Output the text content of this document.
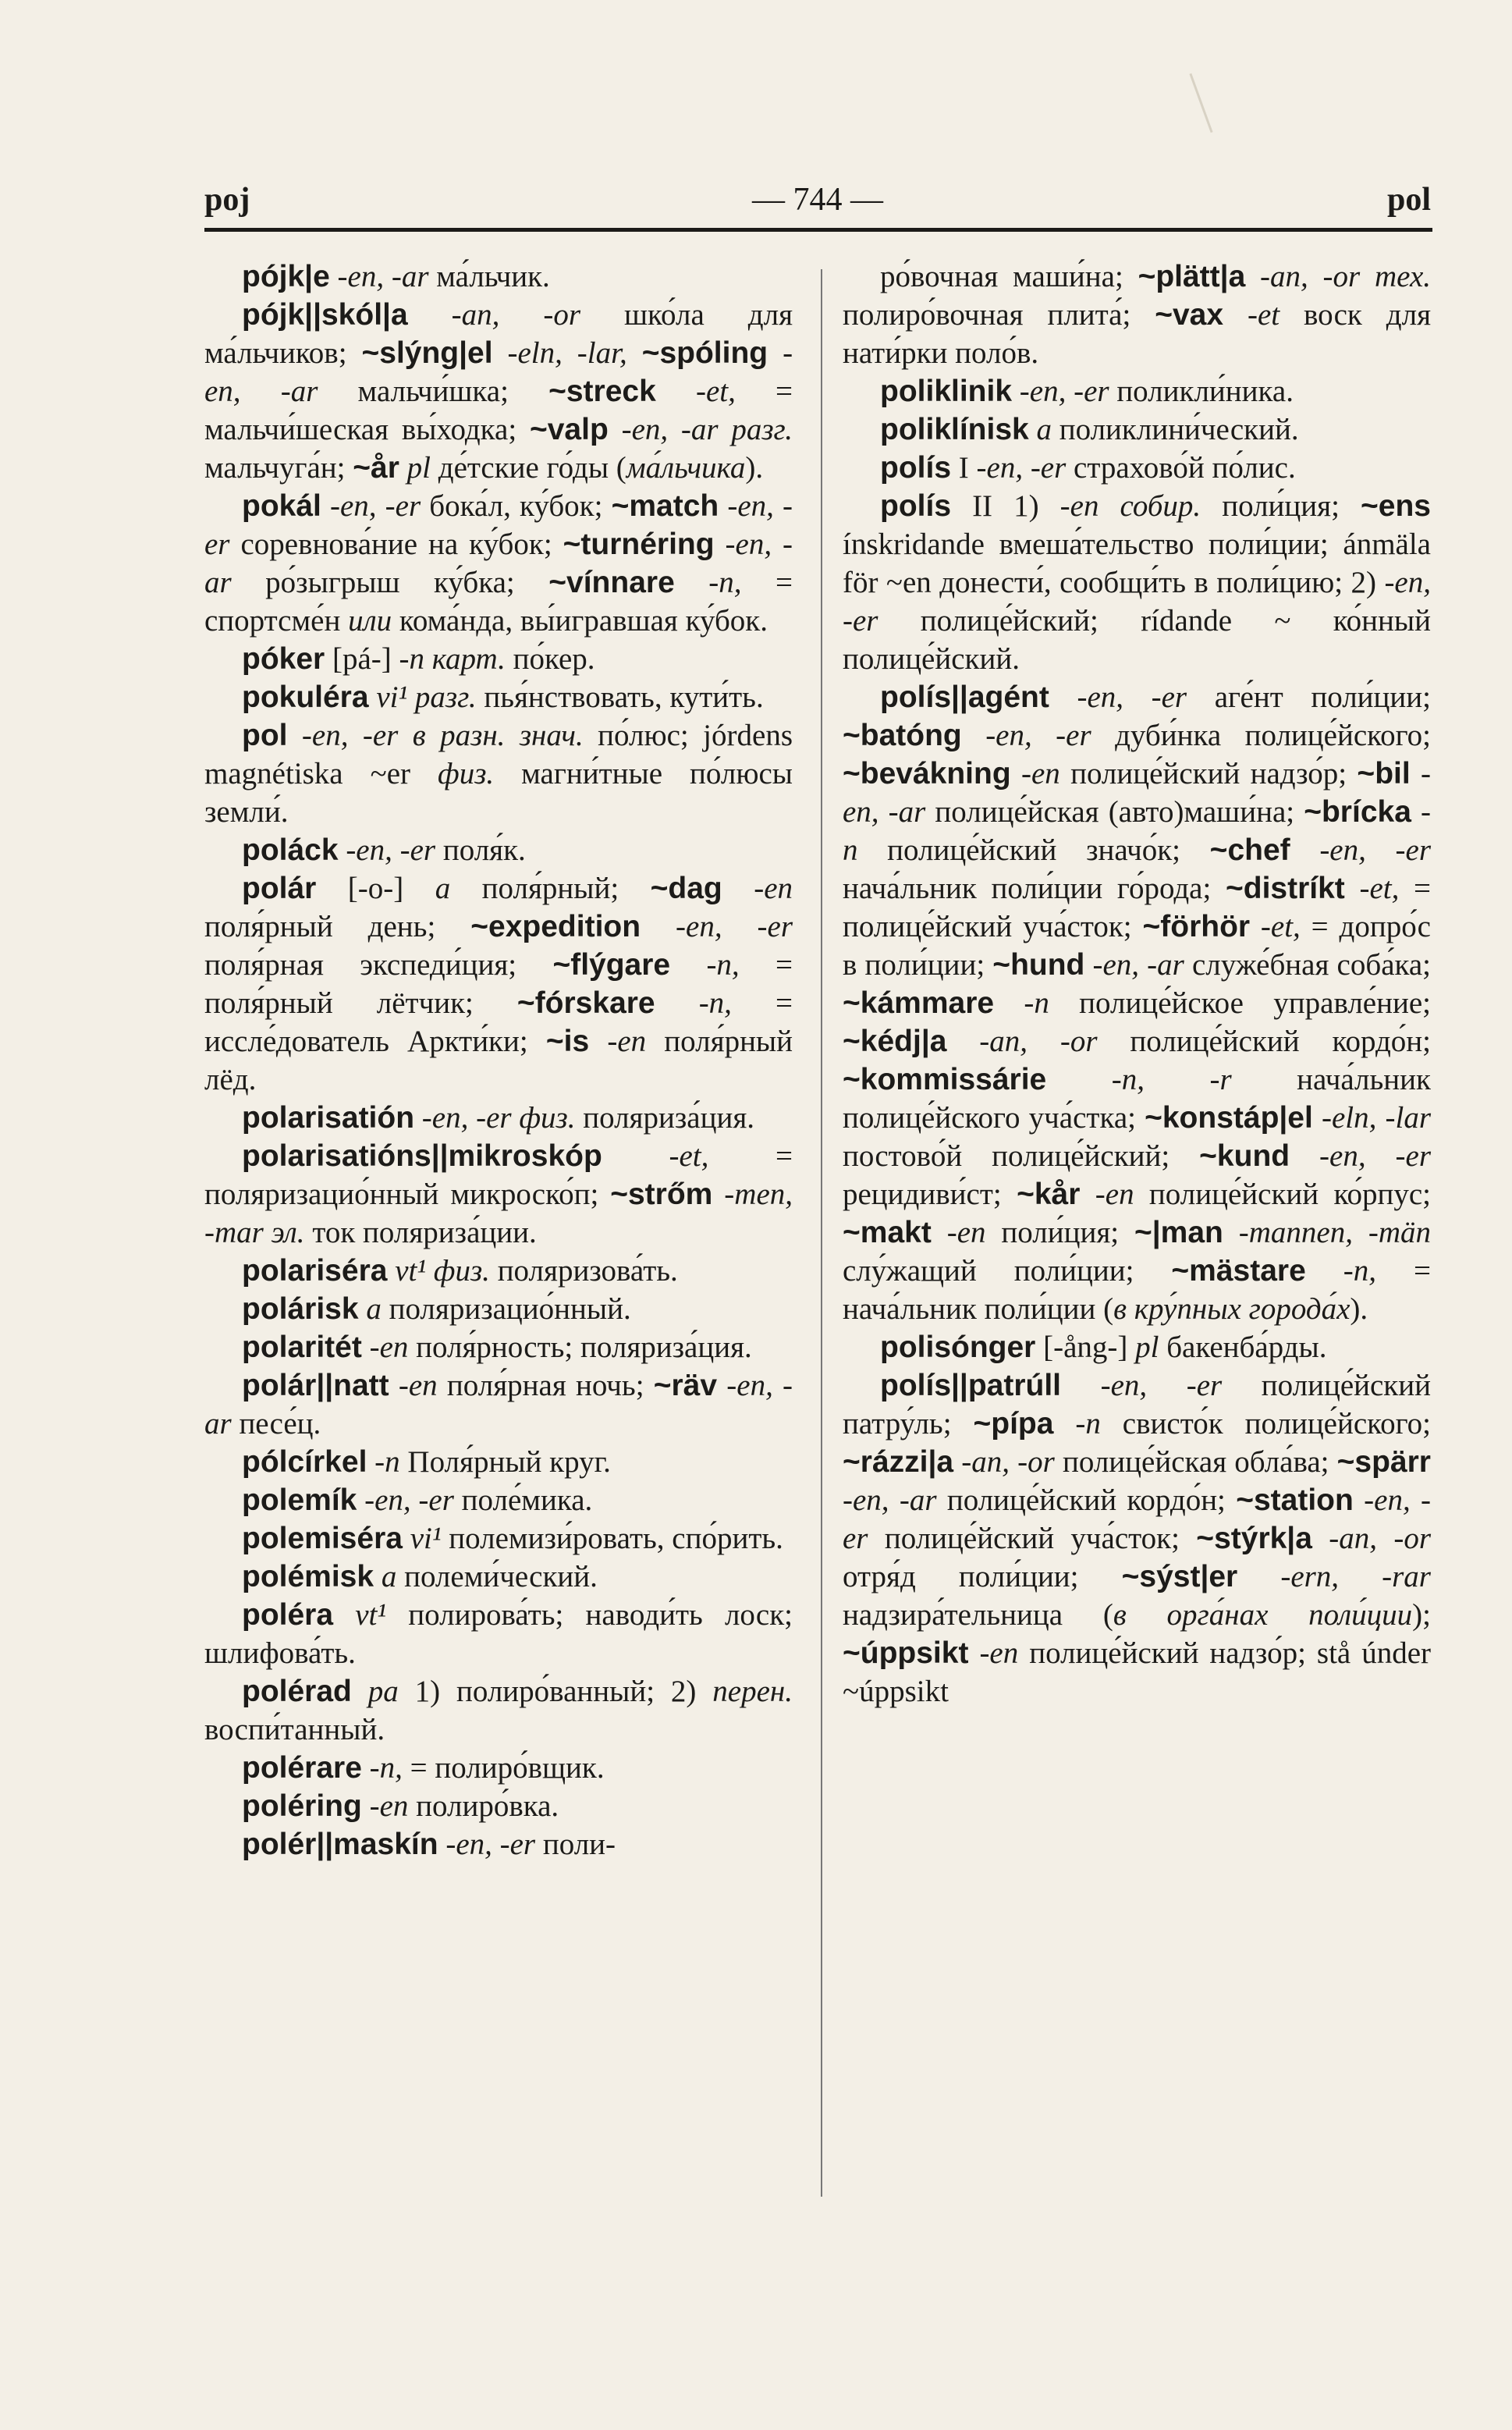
poj	— 744 —	pol

pójk|e -en, -ar ма́льчик.

pójk||skól|a -an, -or шко́ла для ма́льчиков; ~slýng|el -eln, -lar, ~spóling -en, -ar мальчи́шка; ~streck -et, = мальчи́шеская вы́ходка; ~valp -en, -ar разг. мальчуга́н; ~år pl де́тские го́ды (ма́льчика).

pokál -en, -er бока́л, ку́бок; ~match -en, -er соревнова́ние на ку́бок; ~turnéring -en, -ar ро́зыгрыш ку́бка; ~vínnare -n, = спортсме́н или кома́нда, вы́игравшая ку́бок.

póker [pá-] -n карт. по́кер.

pokuléra vi¹ разг. пья́нствовать, кути́ть.

pol -en, -er в разн. знач. по́люс; jórdens magnétiska ~er физ. магни́тные по́люсы земли́.

poláck -en, -er поля́к.

polár [-o-] a поля́рный; ~dag -en поля́рный день; ~expedition -en, -er поля́рная экспеди́ция; ~flýgare -n, = поля́рный лётчик; ~fórskare -n, = иссле́дователь Аркти́ки; ~is -en поля́рный лёд.

polarisatión -en, -er физ. поляриза́ция.

polarisatións||mikroskóp -et, = поляризацио́нный микроско́п; ~strőm -men, -mar эл. ток поляриза́ции.

polariséra vt¹ физ. поляризова́ть.

polárisk a поляризацио́нный.

polaritét -en поля́рность; поляриза́ция.

polár||natt -en поля́рная ночь; ~räv -en, -ar песе́ц.

pólcírkel -n Поля́рный круг.

polemík -en, -er поле́мика.

polemiséra vi¹ полемизи́ровать, спо́рить.

polémisk a полеми́ческий.

poléra vt¹ полирова́ть; наводи́ть лоск; шлифова́ть.

polérad pa 1) полиро́ванный; 2) перен. воспи́танный.

polérare -n, = полиро́вщик.

poléring -en полиро́вка.

polér||maskín -en, -er поли-

ро́вочная маши́на; ~plätt|a -an, -or тех. полиро́вочная плита́; ~vax -et воск для нати́рки поло́в.

poliklinik -en, -er поликли́ника.

poliklínisk a поликлини́ческий.

polís I -en, -er страхово́й по́лис.

polís II 1) -en собир. поли́ция; ~ens ínskridande вмеша́тельство поли́ции; ánmäla för ~en донести́, сообщи́ть в поли́цию; 2) -en, -er полице́йский; rídande ~ ко́нный полице́йский.

polís||agént -en, -er аге́нт поли́ции; ~batóng -en, -er дуби́нка полице́йского; ~bevákning -en полице́йский надзо́р; ~bil -en, -ar полице́йская (авто)маши́на; ~brícka -n полице́йский значо́к; ~chef -en, -er нача́льник поли́ции го́рода; ~distríkt -et, = полице́йский уча́сток; ~förhör -et, = допро́с в поли́ции; ~hund -en, -ar служе́бная соба́ка; ~kámmare -n полице́йское управле́ние; ~kédj|a -an, -or полице́йский кордо́н; ~kommissárie -n, -r нача́льник полице́йского уча́стка; ~konstáp|el -eln, -lar постово́й полице́йский; ~kund -en, -er рецидиви́ст; ~kår -en полице́йский ко́рпус; ~makt -en поли́ция; ~|man -mannen, -män слу́жащий поли́ции; ~mästare -n, = нача́льник поли́ции (в кру́пных города́х).

polisónger [-ång-] pl бакенба́рды.

polís||patrúll -en, -er полице́йский патру́ль; ~pípa -n свисто́к полице́йского; ~rázzi|a -an, -or полице́йская обла́ва; ~spärr -en, -ar полице́йский кордо́н; ~station -en, -er полице́йский уча́сток; ~stýrk|a -an, -or отря́д поли́ции; ~sýst|er -ern, -rar надзира́тельница (в орга́нах поли́ции); ~úppsikt -en полице́йский надзо́р; stå únder ~úppsikt
